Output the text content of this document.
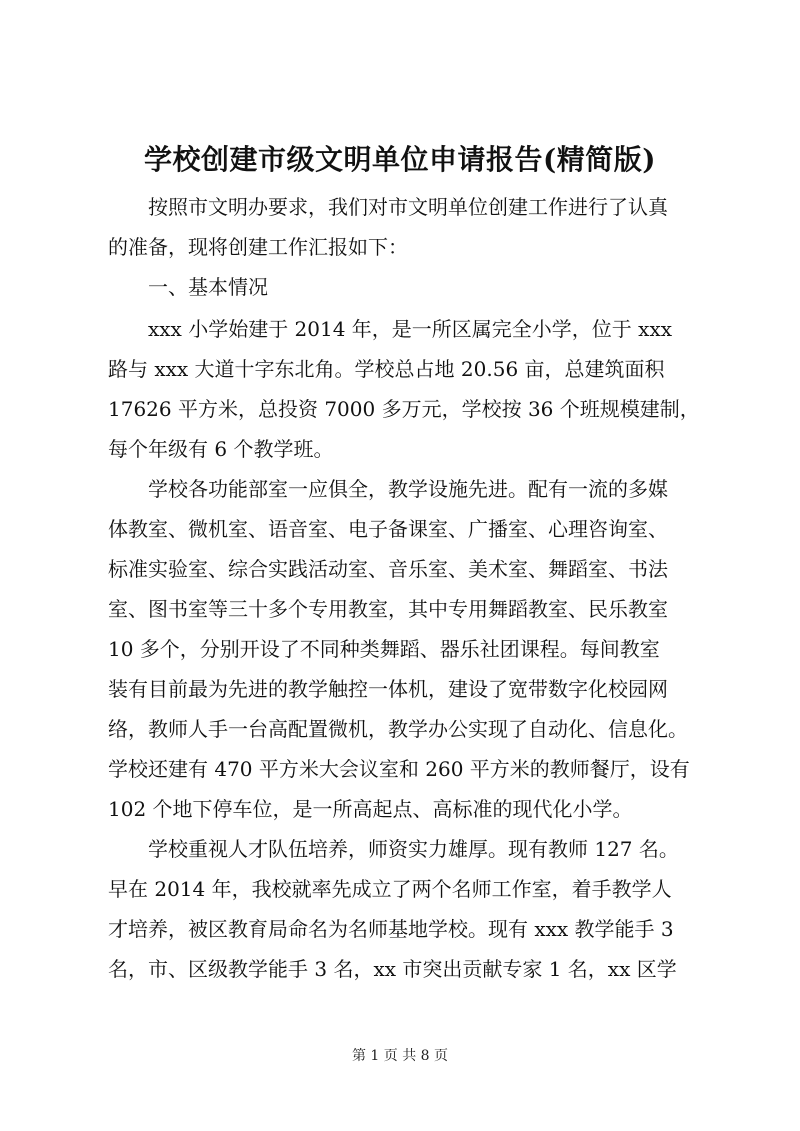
学校创建市级文明单位申请报告(精简版)
按照市文明办要求，我们对市文明单位创建工作进行了认真
的准备，现将创建工作汇报如下：
一、基本情况
xxx 小学始建于 2014 年，是一所区属完全小学，位于 xxx
路与 xxx 大道十字东北角。学校总占地 20.56 亩，总建筑面积
17626 平方米，总投资 7000 多万元，学校按 36 个班规模建制，
每个年级有 6 个教学班。
学校各功能部室一应俱全，教学设施先进。配有一流的多媒
体教室、微机室、语音室、电子备课室、广播室、心理咨询室、
标准实验室、综合实践活动室、音乐室、美术室、舞蹈室、书法
室、图书室等三十多个专用教室，其中专用舞蹈教室、民乐教室
10 多个，分别开设了不同种类舞蹈、器乐社团课程。每间教室
装有目前最为先进的教学触控一体机，建设了宽带数字化校园网
络，教师人手一台高配置微机，教学办公实现了自动化、信息化。
学校还建有 470 平方米大会议室和 260 平方米的教师餐厅，设有
102 个地下停车位，是一所高起点、高标准的现代化小学。
学校重视人才队伍培养，师资实力雄厚。现有教师 127 名。
早在 2014 年，我校就率先成立了两个名师工作室，着手教学人
才培养，被区教育局命名为名师基地学校。现有 xxx 教学能手 3
名，市、区级教学能手 3 名，xx 市突出贡献专家 1 名，xx 区学
第 1 页 共 8 页
